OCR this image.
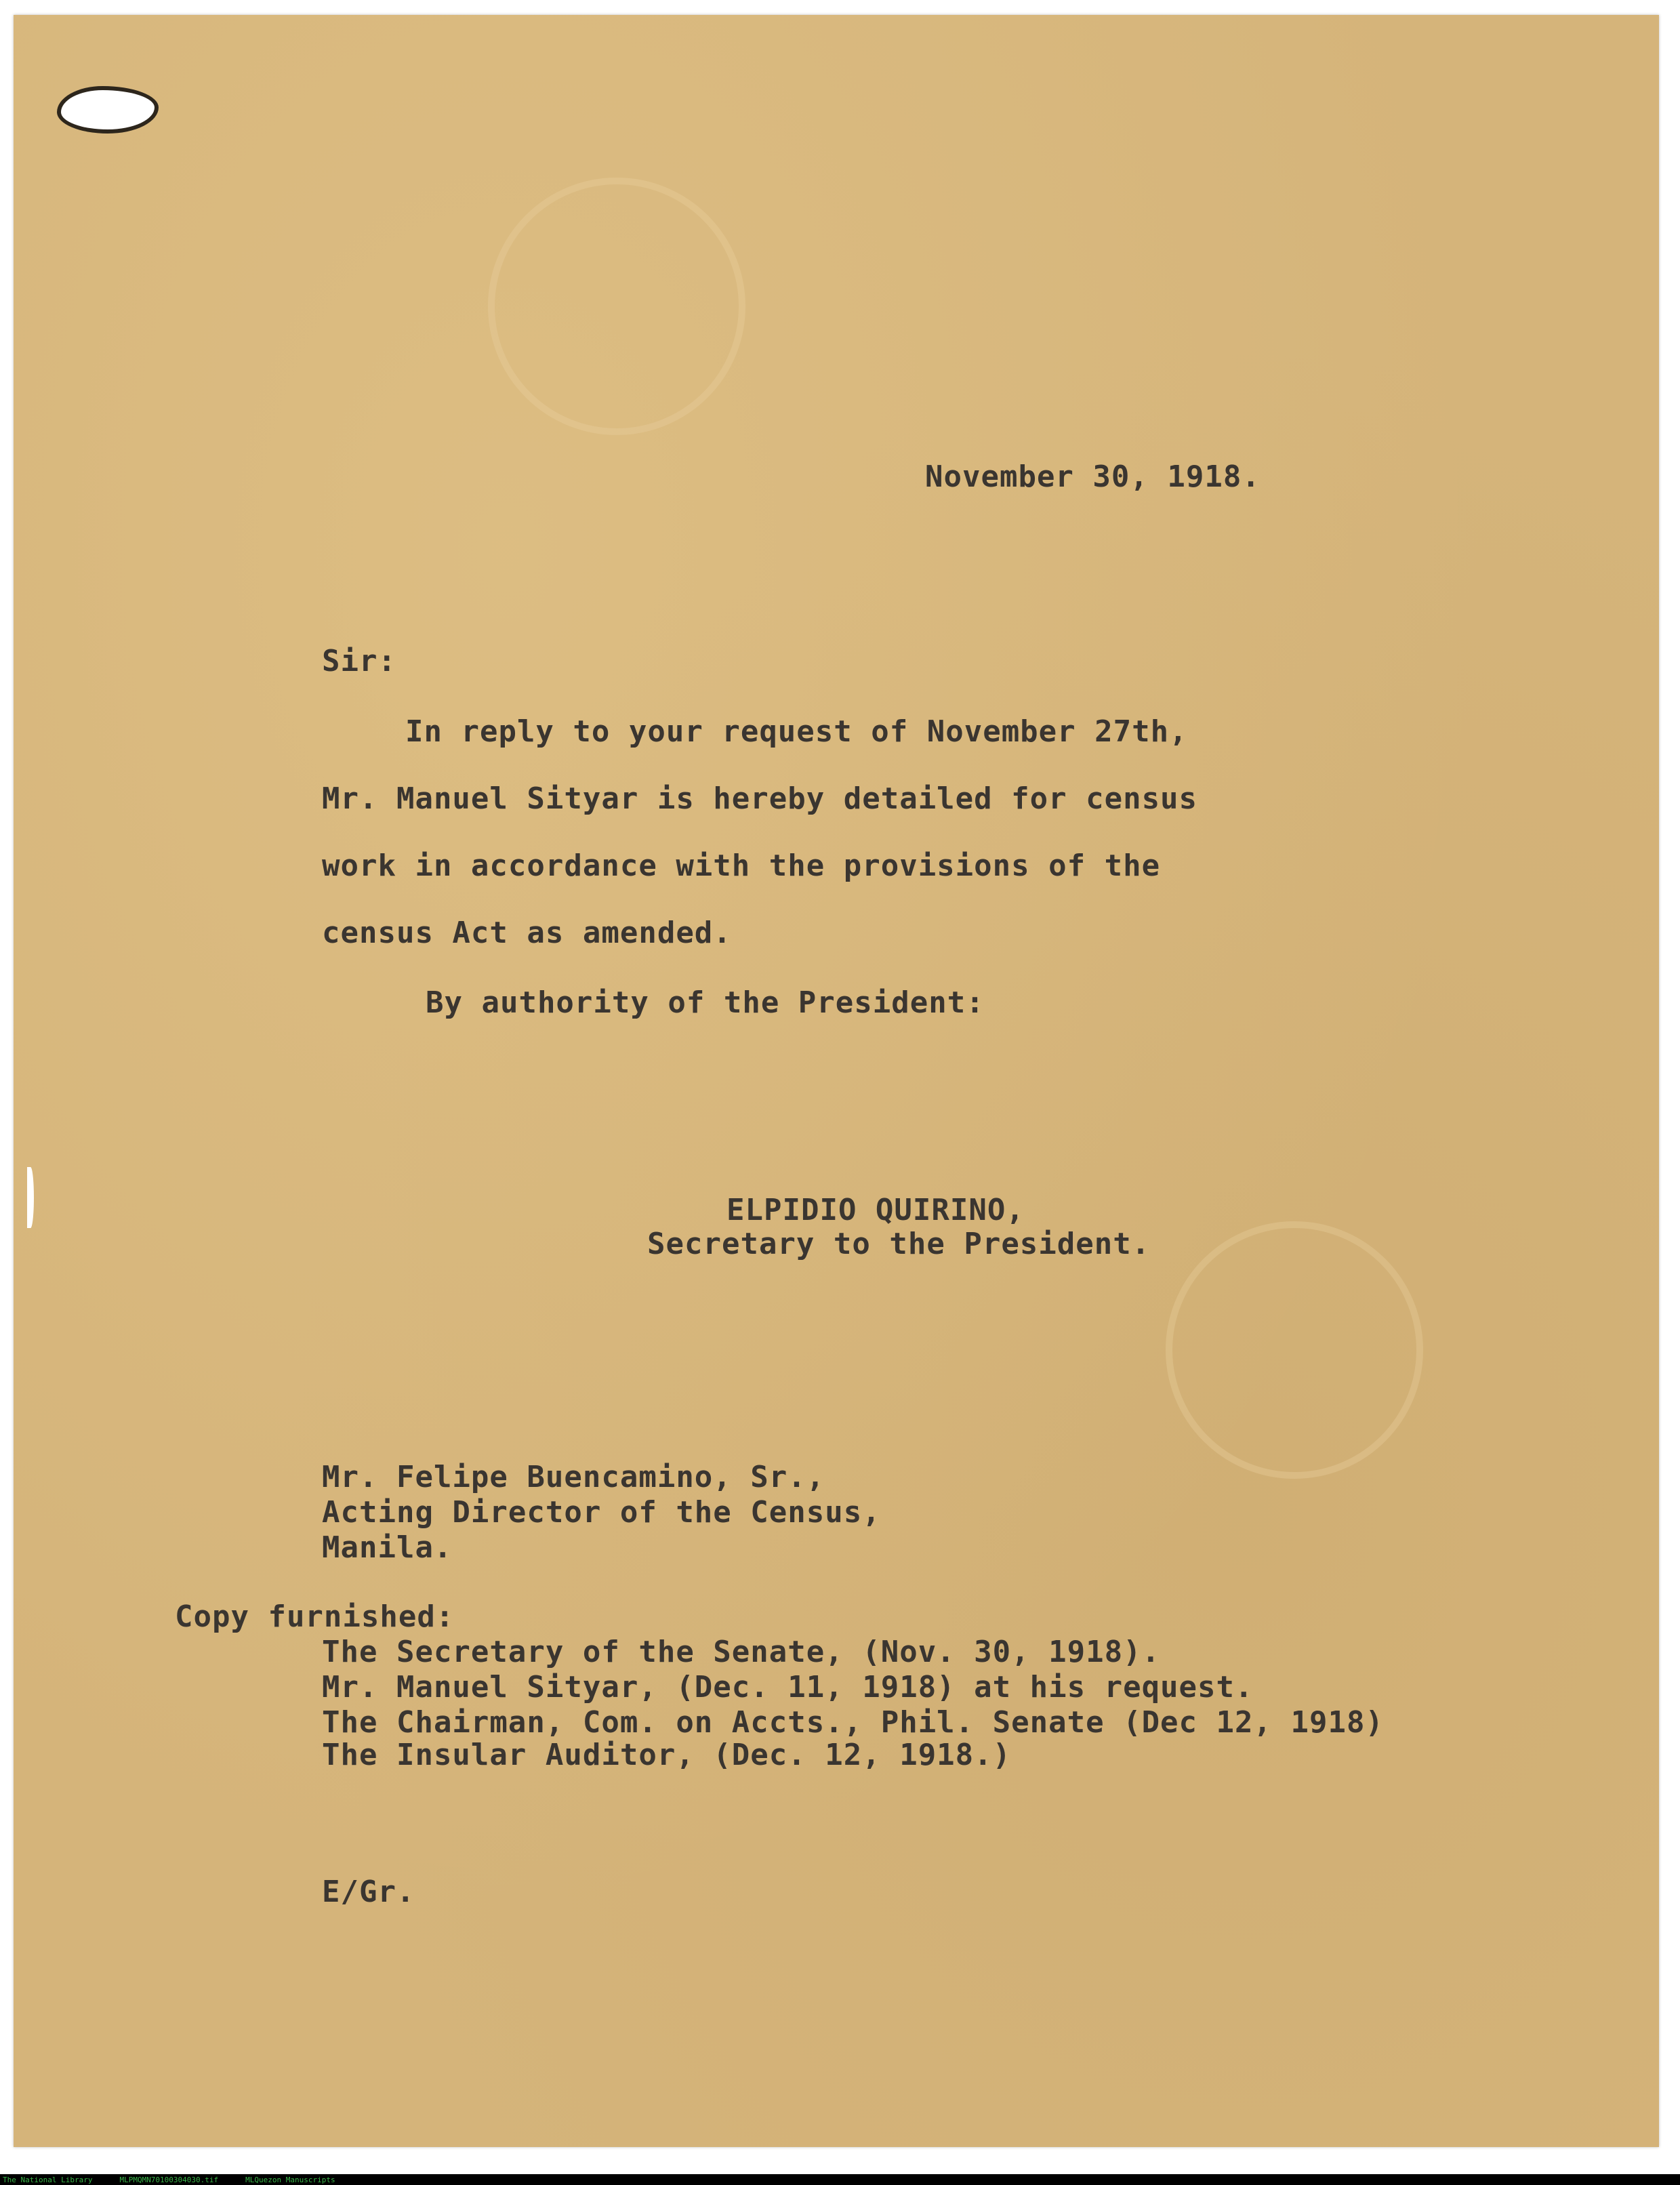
November 30, 1918.
Sir:
In reply to your request of November 27th,
Mr. Manuel Sityar is hereby detailed for census
work in accordance with the provisions of the
census Act as amended.
By authority of the President:
ELPIDIO QUIRINO,
Secretary to the President.
Mr. Felipe Buencamino, Sr.,
Acting Director of the Census,
Manila.
Copy furnished:
The Secretary of the Senate, (Nov. 30, 1918).
Mr. Manuel Sityar, (Dec. 11, 1918) at his request.
The Chairman, Com. on Accts., Phil. Senate (Dec 12, 1918)
The Insular Auditor, (Dec. 12, 1918.)
E/Gr.
The National Library	MLPMQMN70100304030.tif	MLQuezon Manuscripts
